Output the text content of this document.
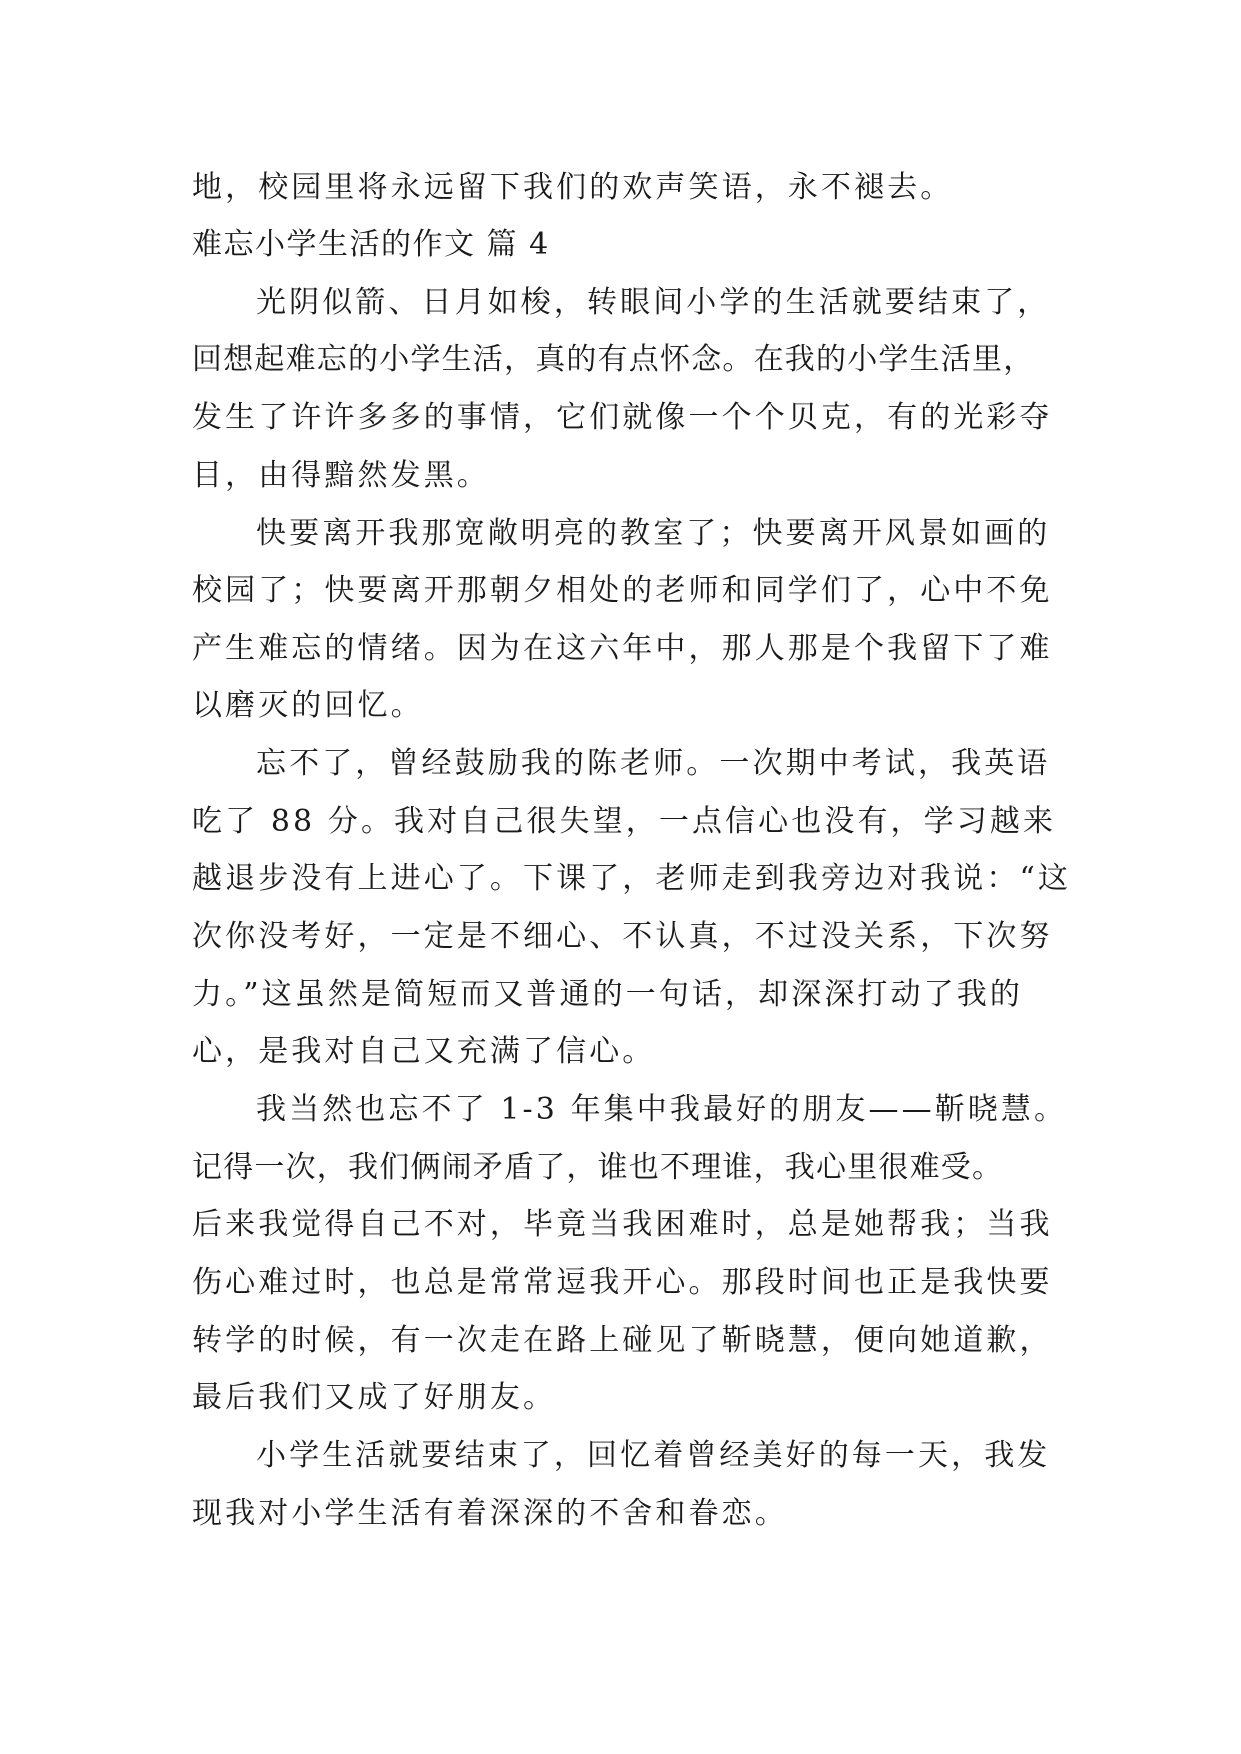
地，校园里将永远留下我们的欢声笑语，永不褪去。
难忘小学生活的作文 篇 4
光阴似箭、日月如梭，转眼间小学的生活就要结束了，
回想起难忘的小学生活，真的有点怀念。在我的小学生活里，
发生了许许多多的事情，它们就像一个个贝克，有的光彩夺
目，由得黯然发黑。
快要离开我那宽敞明亮的教室了；快要离开风景如画的
校园了；快要离开那朝夕相处的老师和同学们了，心中不免
产生难忘的情绪。因为在这六年中，那人那是个我留下了难
以磨灭的回忆。
忘不了，曾经鼓励我的陈老师。一次期中考试，我英语
吃了 88 分。我对自己很失望，一点信心也没有，学习越来
越退步没有上进心了。下课了，老师走到我旁边对我说：“这
次你没考好，一定是不细心、不认真，不过没关系，下次努
力。”这虽然是简短而又普通的一句话，却深深打动了我的
心，是我对自己又充满了信心。
我当然也忘不了 1-3 年集中我最好的朋友——靳晓慧。
记得一次，我们俩闹矛盾了，谁也不理谁，我心里很难受。
后来我觉得自己不对，毕竟当我困难时，总是她帮我；当我
伤心难过时，也总是常常逗我开心。那段时间也正是我快要
转学的时候，有一次走在路上碰见了靳晓慧，便向她道歉，
最后我们又成了好朋友。
小学生活就要结束了，回忆着曾经美好的每一天，我发
现我对小学生活有着深深的不舍和眷恋。
